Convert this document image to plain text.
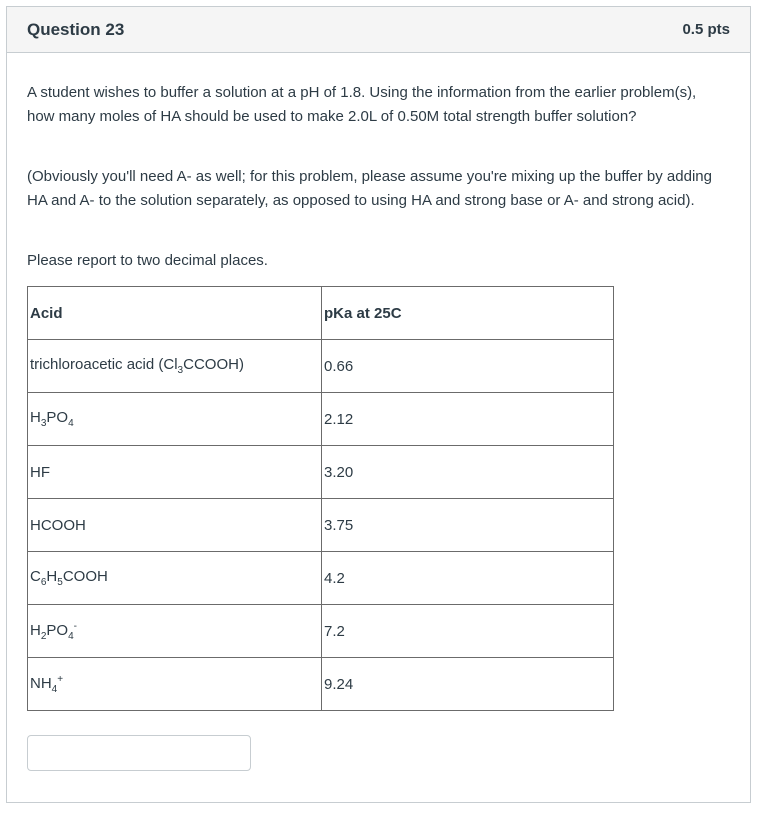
Question 23	0.5 pts

A student wishes to buffer a solution at a pH of 1.8. Using the information from the earlier problem(s), how many moles of HA should be used to make 2.0L of 0.50M total strength buffer solution?

(Obviously you'll need A- as well; for this problem, please assume you're mixing up the buffer by adding HA and A- to the solution separately, as opposed to using HA and strong base or A- and strong acid).

Please report to two decimal places.

Acid	pKa at 25C
trichloroacetic acid $(Cl_3CCOOH)$	0.66
$H_3PO_4$	2.12
HF	3.20
HCOOH	3.75
$C_6H_5COOH$	4.2
$H_2PO_4^-$	7.2
$NH_4^+$	9.24
